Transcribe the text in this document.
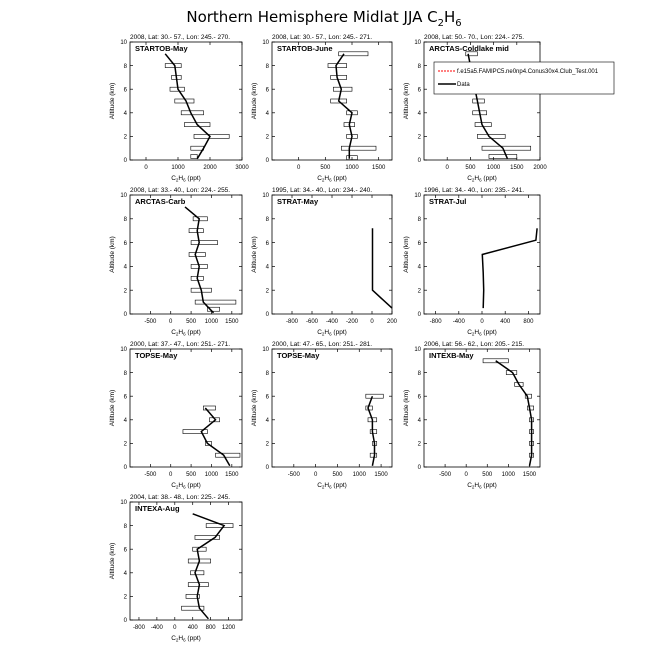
Northern Hemisphere Midlat JJA $C_2H_6$
2008, Lat: 30.- 57., Lon: 245.- 270.
STARTOB-May
0
2
4
6
8
10
Altitude (km)
0	1000	2000	3000
$C_2H_6$ (ppt)
2008, Lat: 30.- 57., Lon: 245.- 271.
STARTOB-June
0
2
4
6
8
10
Altitude (km)
0	500 1000 1500
$C_2H_6$ (ppt)
2008, Lat: 50.- 70., Lon: 224.- 275.
ARCTAS-Coldlake mid
0
2
4
6
8
10
Altitude (km)
0	500 1000 1500 2000
$C_2H_6$ (ppt)
2008, Lat: 33.- 40., Lon: 224.- 255.
ARCTAS-Carb
0
2
4
6
8
10
Altitude (km)
-500 0 500 1000 1500
$C_2H_6$ (ppt)
1995, Lat: 34.- 40., Lon: 234.- 240.
STRAT-May
0
2
4
6
8
10
Altitude (km)
-800 -600 -400 -200 0 200
$C_2H_6$ (ppt)
1996, Lat: 34.- 40., Lon: 235.- 241.
STRAT-Jul
0
2
4
6
8
10
Altitude (km)
-800 -400	0	400 800
$C_2H_6$ (ppt)
2000, Lat: 37.- 47., Lon: 251.- 271.
TOPSE-May
0
2
4
6
8
10
Altitude (km)
-500 0 500 1000 1500
$C_2H_6$ (ppt)
2000, Lat: 47.- 65., Lon: 251.- 281.
TOPSE-May
0
2
4
6
8
10
Altitude (km)
-500 0	500 1000 1500
$C_2H_6$ (ppt)
2006, Lat: 56.- 62., Lon: 205.- 215.
INTEXB-May
0
2
4
6
8
10
Altitude (km)
-500 0 500 1000 1500
$C_2H_6$ (ppt)
2004, Lat: 38.- 48., Lon: 225.- 245.
INTEXA-Aug
0
2
4
6
8
10
Altitude (km)
-800 -400 0 400 800 1200
$C_2H_6$ (ppt)
f.e15a5.FAMIPC5.ne0np4.Conus30x4.Club_Test.001
Data
